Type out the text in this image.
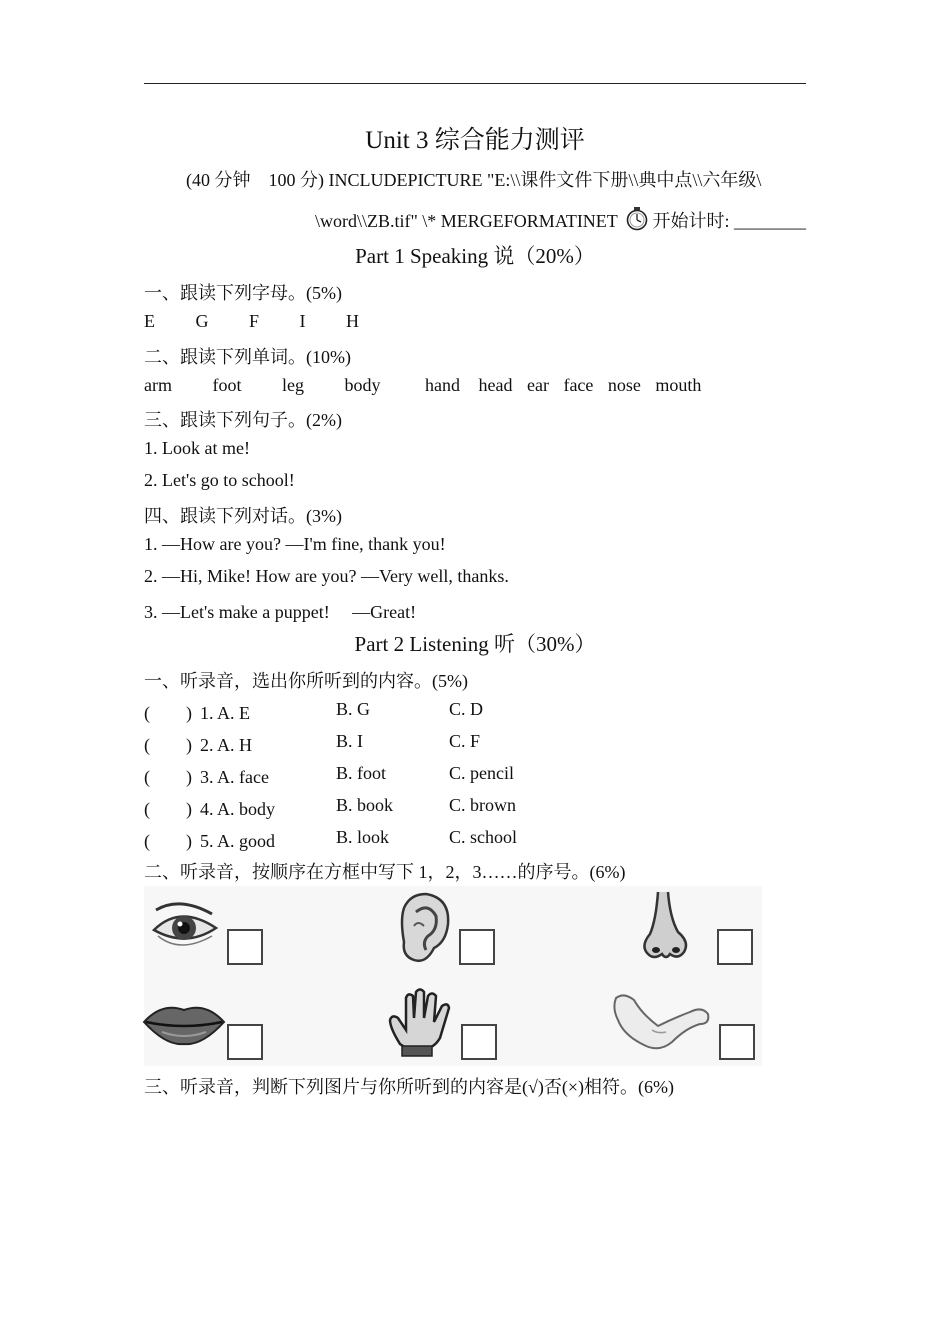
Unit 3 综合能力测评
(40 分钟　100 分) INCLUDEPICTURE "E:\\课件文件下册\\典中点\\六年级\
\word\\ZB.tif" \* MERGEFORMATINET  开始计时: ________
Part 1 Speaking 说（20%）
一、跟读下列字母。(5%)
E G F I H
二、跟读下列单词。(10%)
arm foot leg body hand head ear face nose mouth
三、跟读下列句子。(2%)
1. Look at me!
2. Let's go to school!
四、跟读下列对话。(3%)
1. —How are you? —I'm fine, thank you!
2. —Hi, Mike! How are you? —Very well, thanks.
3. —Let's make a puppet!　 —Great!
Part 2 Listening 听（30%）
一、听录音，选出你所听到的内容。(5%)
(　　) 1. A. E	B. G	C. D
(　　) 2. A. H	B. I	C. F
(　　) 3. A. face	B. foot	C. pencil
(　　) 4. A. body	B. book	C. brown
(　　) 5. A. good	B. look	C. school
二、听录音，按顺序在方框中写下 1，2，3……的序号。(6%)
三、听录音，判断下列图片与你所听到的内容是(√)否(×)相符。(6%)
